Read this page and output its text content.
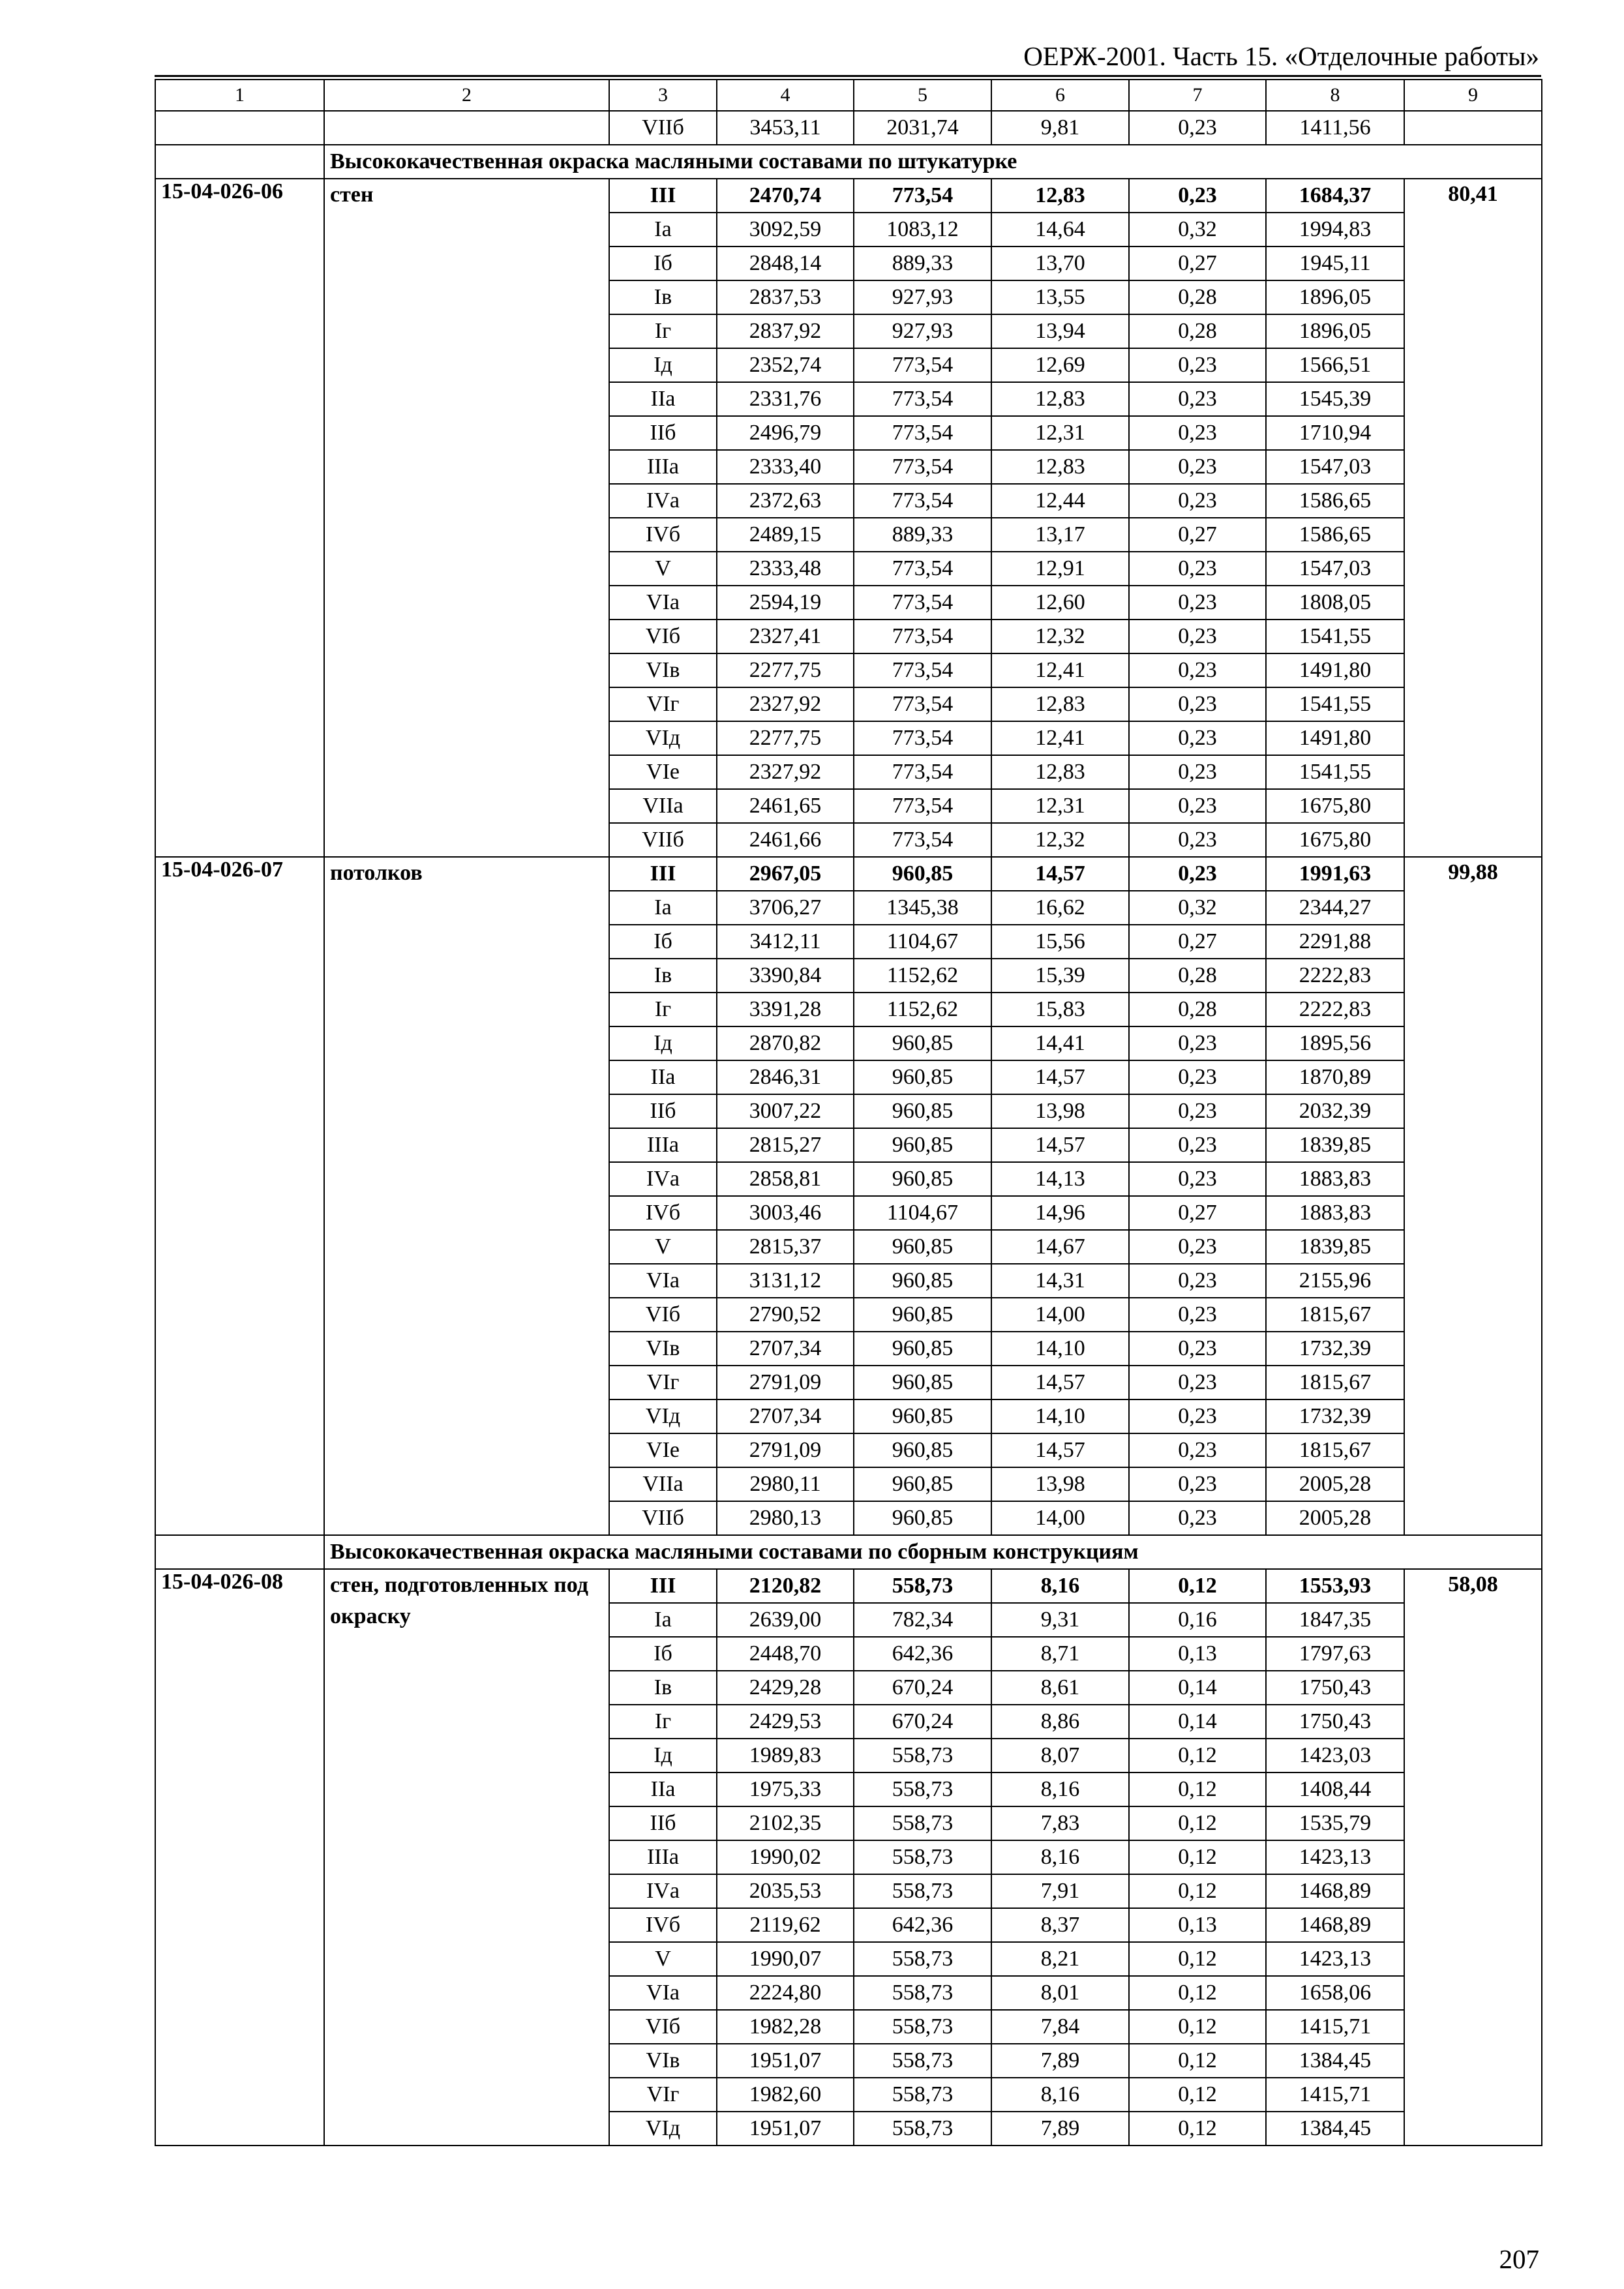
ОЕРЖ-2001. Часть 15. «Отделочные работы»
1	2	3	4	5	6	7	8	9
		VIIб	3453,11	2031,74	9,81	0,23	1411,56	
	Высококачественная окраска масляными составами по штукатурке							
15-04-026-06	стен	III	2470,74	773,54	12,83	0,23	1684,37	80,41
		Iа	3092,59	1083,12	14,64	0,32	1994,83	
		Iб	2848,14	889,33	13,70	0,27	1945,11	
		Iв	2837,53	927,93	13,55	0,28	1896,05	
		Iг	2837,92	927,93	13,94	0,28	1896,05	
		Iд	2352,74	773,54	12,69	0,23	1566,51	
		IIа	2331,76	773,54	12,83	0,23	1545,39	
		IIб	2496,79	773,54	12,31	0,23	1710,94	
		IIIа	2333,40	773,54	12,83	0,23	1547,03	
		IVа	2372,63	773,54	12,44	0,23	1586,65	
		IVб	2489,15	889,33	13,17	0,27	1586,65	
		V	2333,48	773,54	12,91	0,23	1547,03	
		VIа	2594,19	773,54	12,60	0,23	1808,05	
		VIб	2327,41	773,54	12,32	0,23	1541,55	
		VIв	2277,75	773,54	12,41	0,23	1491,80	
		VIг	2327,92	773,54	12,83	0,23	1541,55	
		VIд	2277,75	773,54	12,41	0,23	1491,80	
		VIе	2327,92	773,54	12,83	0,23	1541,55	
		VIIа	2461,65	773,54	12,31	0,23	1675,80	
		VIIб	2461,66	773,54	12,32	0,23	1675,80	
15-04-026-07	потолков	III	2967,05	960,85	14,57	0,23	1991,63	99,88
		Iа	3706,27	1345,38	16,62	0,32	2344,27	
		Iб	3412,11	1104,67	15,56	0,27	2291,88	
		Iв	3390,84	1152,62	15,39	0,28	2222,83	
		Iг	3391,28	1152,62	15,83	0,28	2222,83	
		Iд	2870,82	960,85	14,41	0,23	1895,56	
		IIа	2846,31	960,85	14,57	0,23	1870,89	
		IIб	3007,22	960,85	13,98	0,23	2032,39	
		IIIа	2815,27	960,85	14,57	0,23	1839,85	
		IVа	2858,81	960,85	14,13	0,23	1883,83	
		IVб	3003,46	1104,67	14,96	0,27	1883,83	
		V	2815,37	960,85	14,67	0,23	1839,85	
		VIа	3131,12	960,85	14,31	0,23	2155,96	
		VIб	2790,52	960,85	14,00	0,23	1815,67	
		VIв	2707,34	960,85	14,10	0,23	1732,39	
		VIг	2791,09	960,85	14,57	0,23	1815,67	
		VIд	2707,34	960,85	14,10	0,23	1732,39	
		VIе	2791,09	960,85	14,57	0,23	1815,67	
		VIIа	2980,11	960,85	13,98	0,23	2005,28	
		VIIб	2980,13	960,85	14,00	0,23	2005,28	
	Высококачественная окраска масляными составами по сборным конструкциям							
15-04-026-08	стен, подготовленных под окраску	III	2120,82	558,73	8,16	0,12	1553,93	58,08
		Iа	2639,00	782,34	9,31	0,16	1847,35	
		Iб	2448,70	642,36	8,71	0,13	1797,63	
		Iв	2429,28	670,24	8,61	0,14	1750,43	
		Iг	2429,53	670,24	8,86	0,14	1750,43	
		Iд	1989,83	558,73	8,07	0,12	1423,03	
		IIа	1975,33	558,73	8,16	0,12	1408,44	
		IIб	2102,35	558,73	7,83	0,12	1535,79	
		IIIа	1990,02	558,73	8,16	0,12	1423,13	
		IVа	2035,53	558,73	7,91	0,12	1468,89	
		IVб	2119,62	642,36	8,37	0,13	1468,89	
		V	1990,07	558,73	8,21	0,12	1423,13	
		VIа	2224,80	558,73	8,01	0,12	1658,06	
		VIб	1982,28	558,73	7,84	0,12	1415,71	
		VIв	1951,07	558,73	7,89	0,12	1384,45	
		VIг	1982,60	558,73	8,16	0,12	1415,71	
		VIд	1951,07	558,73	7,89	0,12	1384,45	
207
